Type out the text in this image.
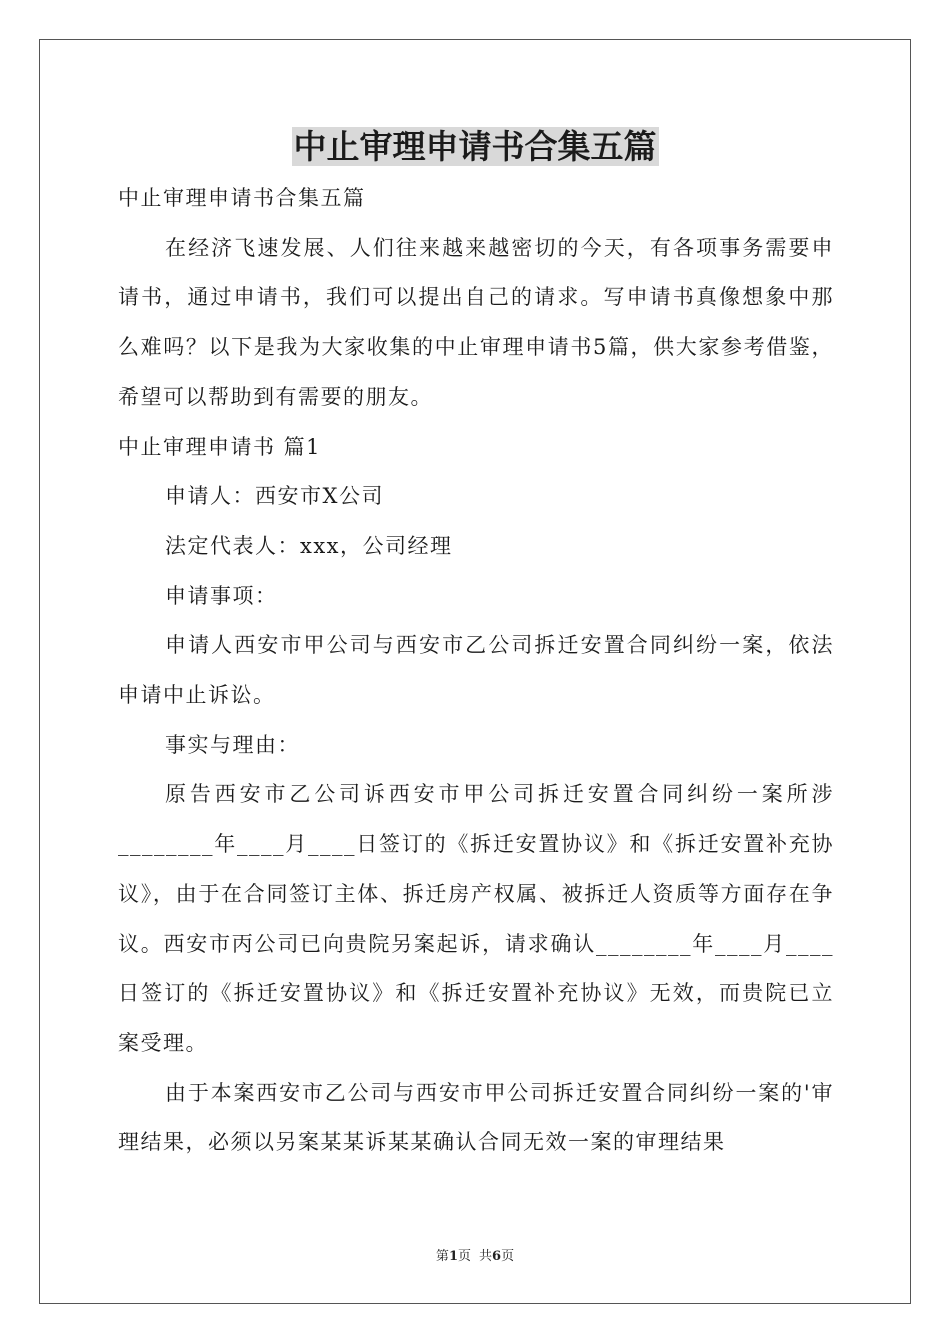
中止审理申请书合集五篇

中止审理申请书合集五篇

在经济飞速发展、人们往来越来越密切的今天，有各项事务需要申请书，通过申请书，我们可以提出自己的请求。写申请书真像想象中那么难吗？以下是我为大家收集的中止审理申请书5篇，供大家参考借鉴，希望可以帮助到有需要的朋友。

中止审理申请书 篇1

申请人：西安市X公司

法定代表人：xxx，公司经理

申请事项：

申请人西安市甲公司与西安市乙公司拆迁安置合同纠纷一案，依法申请中止诉讼。

事实与理由：

原告西安市乙公司诉西安市甲公司拆迁安置合同纠纷一案所涉________年____月____日签订的《拆迁安置协议》和《拆迁安置补充协议》，由于在合同签订主体、拆迁房产权属、被拆迁人资质等方面存在争议。西安市丙公司已向贵院另案起诉，请求确认________年____月____日签订的《拆迁安置协议》和《拆迁安置补充协议》无效，而贵院已立案受理。

由于本案西安市乙公司与西安市甲公司拆迁安置合同纠纷一案的'审理结果，必须以另案某某诉某某确认合同无效一案的审理结果

第1页 共6页
